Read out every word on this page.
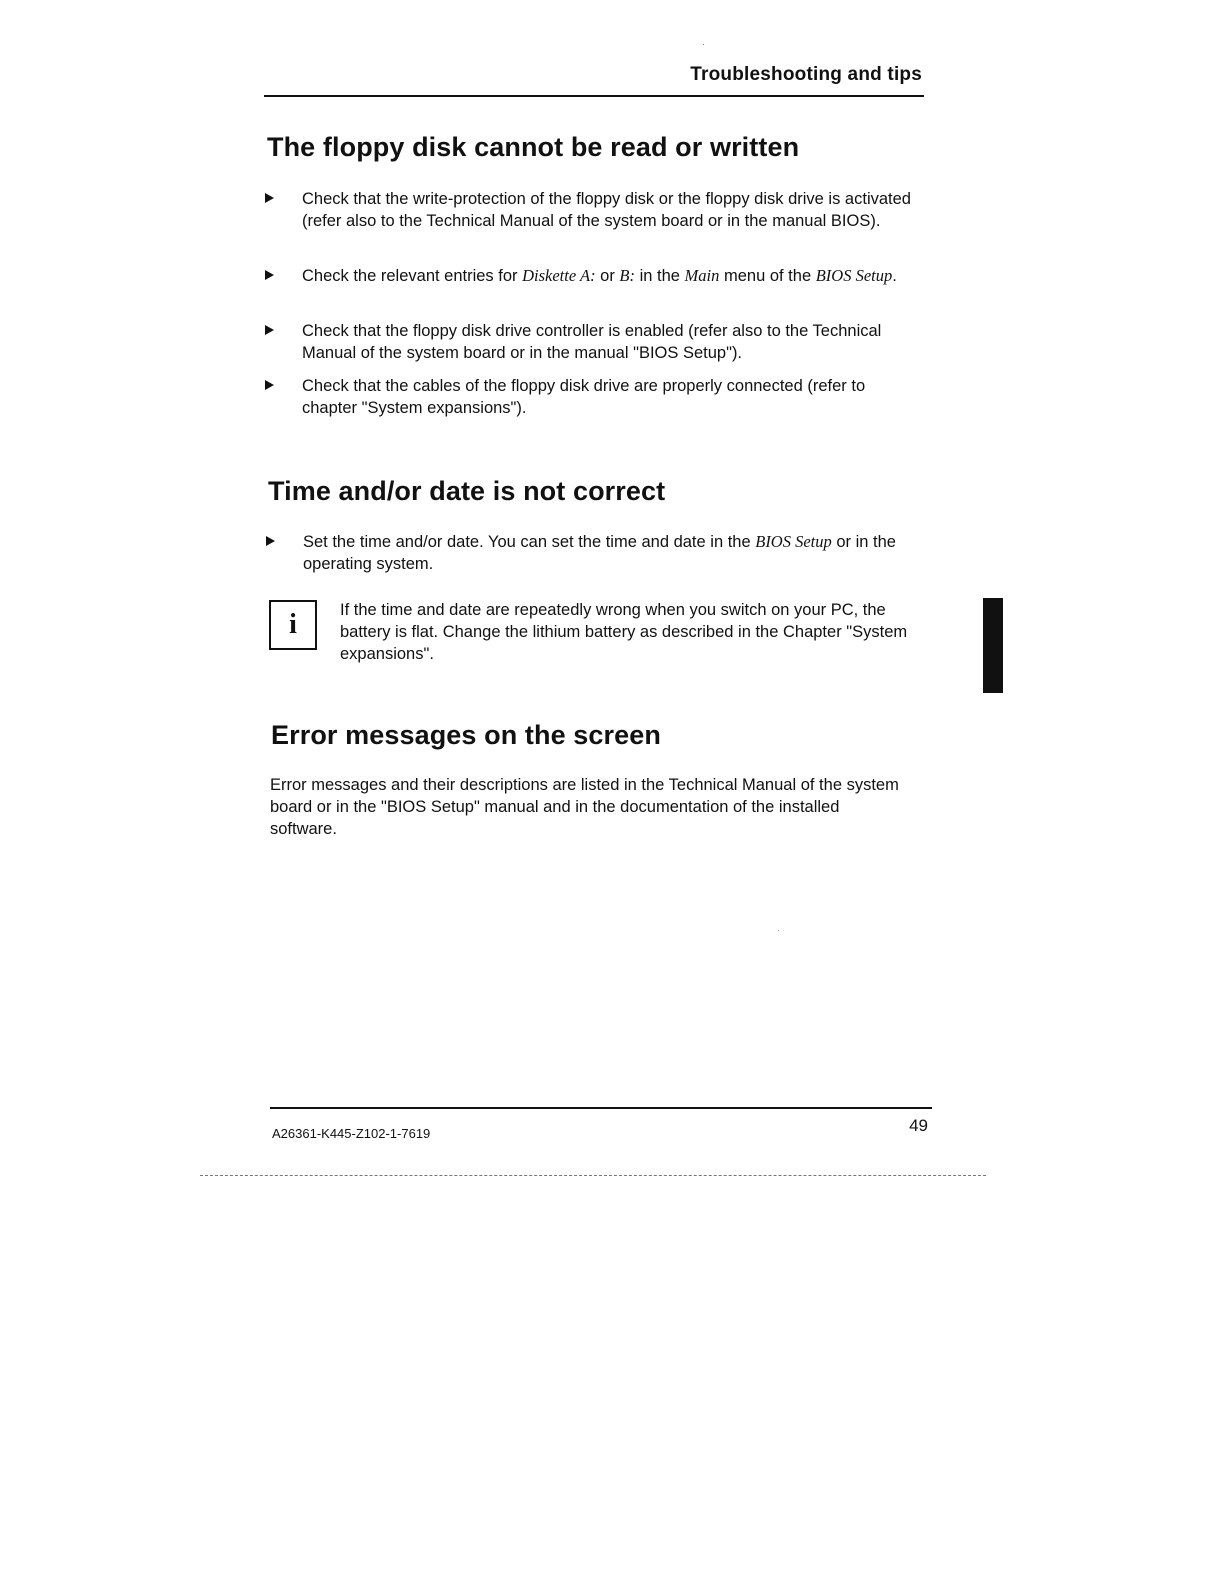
Troubleshooting and tips
The floppy disk cannot be read or written
Check that the write-protection of the floppy disk or the floppy disk drive is activated (refer also to the Technical Manual of the system board or in the manual BIOS).
Check the relevant entries for Diskette A: or B: in the Main menu of the BIOS Setup.
Check that the floppy disk drive controller is enabled (refer also to the Technical Manual of the system board or in the manual "BIOS Setup").
Check that the cables of the floppy disk drive are properly connected (refer to chapter "System expansions").
Time and/or date is not correct
Set the time and/or date. You can set the time and date in the BIOS Setup or in the operating system.
i	If the time and date are repeatedly wrong when you switch on your PC, the battery is flat. Change the lithium battery as described in the Chapter "System expansions".
Error messages on the screen
Error messages and their descriptions are listed in the Technical Manual of the system board or in the "BIOS Setup" manual and in the documentation of the installed software.
A26361-K445-Z102-1-7619	49
